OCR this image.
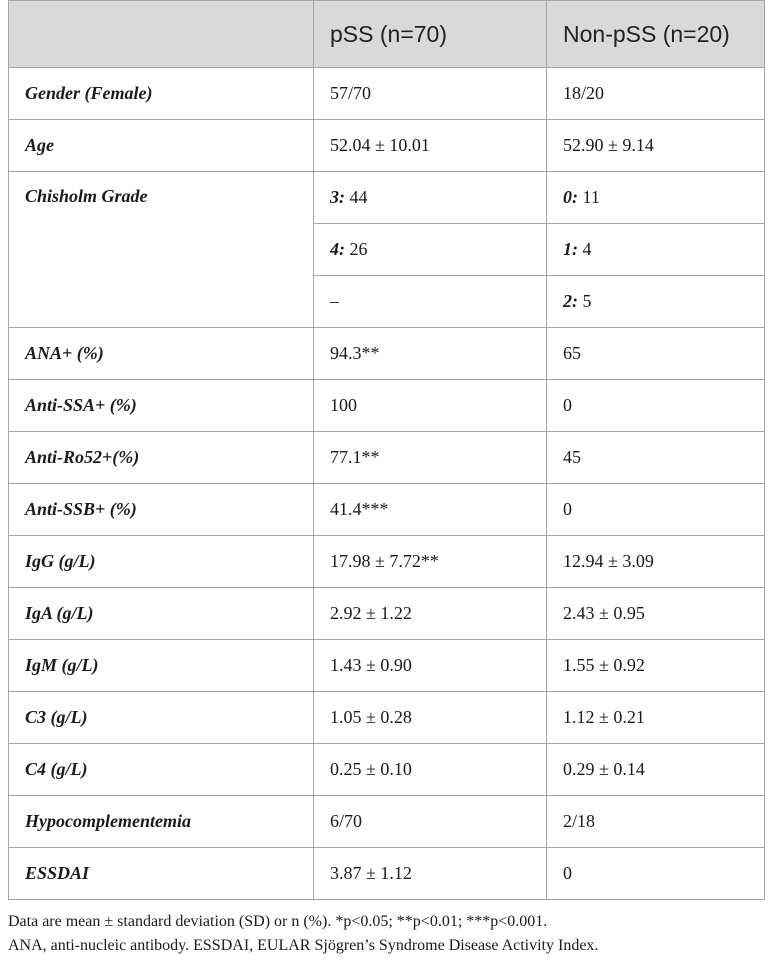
	pSS (n=70)	Non-pSS (n=20)
Gender (Female)	57/70	18/20
Age	52.04 ± 10.01	52.90 ± 9.14
Chisholm Grade	3: 44	0: 11
	4: 26	1: 4
	–	2: 5
ANA+ (%)	94.3**	65
Anti-SSA+ (%)	100	0
Anti-Ro52+(%)	77.1**	45
Anti-SSB+ (%)	41.4***	0
IgG (g/L)	17.98 ± 7.72**	12.94 ± 3.09
IgA (g/L)	2.92 ± 1.22	2.43 ± 0.95
IgM (g/L)	1.43 ± 0.90	1.55 ± 0.92
C3 (g/L)	1.05 ± 0.28	1.12 ± 0.21
C4 (g/L)	0.25 ± 0.10	0.29 ± 0.14
Hypocomplementemia	6/70	2/18
ESSDAI	3.87 ± 1.12	0
Data are mean ± standard deviation (SD) or n (%). *p<0.05; **p<0.01; ***p<0.001.
ANA, anti-nucleic antibody. ESSDAI, EULAR Sjögren’s Syndrome Disease Activity Index.
